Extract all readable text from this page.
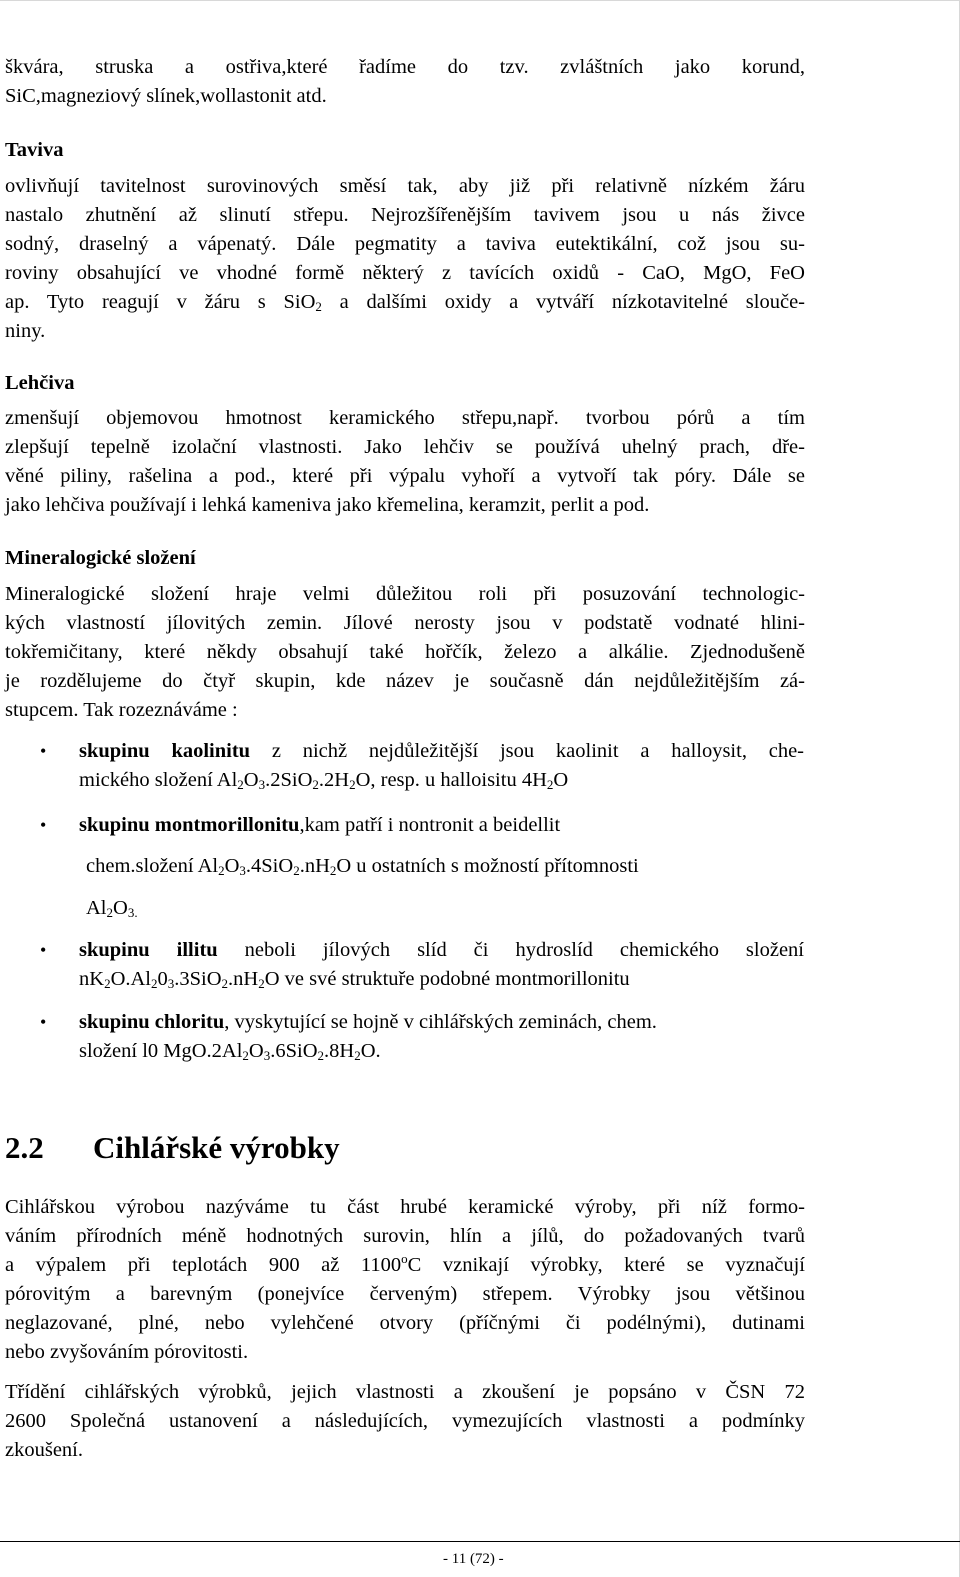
škvára, struska a ostřiva,které řadíme do tzv. zvláštních jako korund,
SiC,magneziový slínek,wollastonit atd.
Taviva
ovlivňují tavitelnost surovinových směsí tak, aby již při relativně nízkém žáru
nastalo zhutnění až slinutí střepu. Nejrozšířenějším tavivem jsou u nás živce
sodný, draselný a vápenatý. Dále pegmatity a taviva eutektikální, což jsou su-
roviny obsahující ve vhodné formě některý z tavících oxidů - CaO, MgO, FeO
ap. Tyto reagují v žáru s SiO$_2$ a dalšími oxidy a vytváří nízkotavitelné slouče-
niny.
Lehčiva
zmenšují objemovou hmotnost keramického střepu,např. tvorbou pórů a tím
zlepšují tepelně izolační vlastnosti. Jako lehčiv se používá uhelný prach, dře-
věné piliny, rašelina a pod., které při výpalu vyhoří a vytvoří tak póry. Dále se
jako lehčiva používají i lehká kameniva jako křemelina, keramzit, perlit a pod.
Mineralogické složení
Mineralogické složení hraje velmi důležitou roli při posuzování technologic-
kých vlastností jílovitých zemin. Jílové nerosty jsou v podstatě vodnaté hlini-
tokřemičitany, které někdy obsahují také hořčík, železo a alkálie. Zjednodušeně
je rozdělujeme do čtyř skupin, kde název je současně dán nejdůležitějším zá-
stupcem. Tak rozeznáváme :
• skupinu kaolinitu z nichž nejdůležitější jsou kaolinit a halloysit, che-
mického složení $Al_2O_3.2SiO_2.2H_2O$, resp. u halloisitu $4H_2O$
• skupinu montmorillonitu,kam patří i nontronit a beidellit
chem.složení $Al_2O_3.4SiO_2.nH_2O$ u ostatních s možností přítomnosti
$Al_2O_{3.}$
• skupinu illitu neboli jílových slíd či hydroslíd chemického složení
$nK_2O.Al_20_3.3SiO_2.nH_2O$ ve své struktuře podobné montmorillonitu
• skupinu chloritu, vyskytující se hojně v cihlářských zeminách, chem.
složení l0 $MgO.2Al_2O_3.6SiO_2.8H_2O$.
2.2 Cihlářské výrobky
Cihlářskou výrobou nazýváme tu část hrubé keramické výroby, při níž formo-
váním přírodních méně hodnotných surovin, hlín a jílů, do požadovaných tvarů
a výpalem při teplotách 900 až 1100$^o$C vznikají výrobky, které se vyznačují
pórovitým a barevným (ponejvíce červeným) střepem. Výrobky jsou většinou
neglazované, plné, nebo vylehčené otvory (příčnými či podélnými), dutinami
nebo zvyšováním pórovitosti.
Třídění cihlářských výrobků, jejich vlastnosti a zkoušení je popsáno v ČSN 72
2600 Společná ustanovení a následujících, vymezujících vlastnosti a podmínky
zkoušení.
- 11 (72) -
